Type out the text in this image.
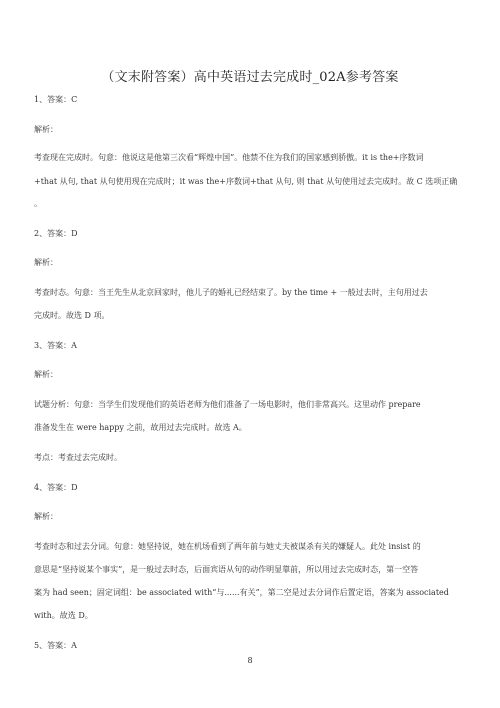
（文末附答案）高中英语过去完成时_02A参考答案
1、答案：C
解析：
考查现在完成时。句意：他说这是他第三次看“辉煌中国”。他禁不住为我们的国家感到骄傲。it is the+序数词
+that 从句, that 从句使用现在完成时；it was the+序数词+that 从句, 则 that 从句使用过去完成时。故 C 选项正确
。
2、答案：D
解析：
考查时态。句意：当王先生从北京回家时，他儿子的婚礼已经结束了。by the time + 一般过去时，主句用过去
完成时。故选 D 项。
3、答案：A
解析：
试题分析：句意：当学生们发现他们的英语老师为他们准备了一场电影时，他们非常高兴。这里动作 prepare
准备发生在 were happy 之前，故用过去完成时。故选 A。
考点：考查过去完成时。
4、答案：D
解析：
考查时态和过去分词。句意：她坚持说，她在机场看到了两年前与她丈夫被谋杀有关的嫌疑人。此处 insist 的
意思是“坚持说某个事实”，是一般过去时态，后面宾语从句的动作明显靠前，所以用过去完成时态，第一空答
案为 had seen；固定词组：be associated with“与......有关”，第二空是过去分词作后置定语，答案为 associated
with。故选 D。
5、答案：A
8
